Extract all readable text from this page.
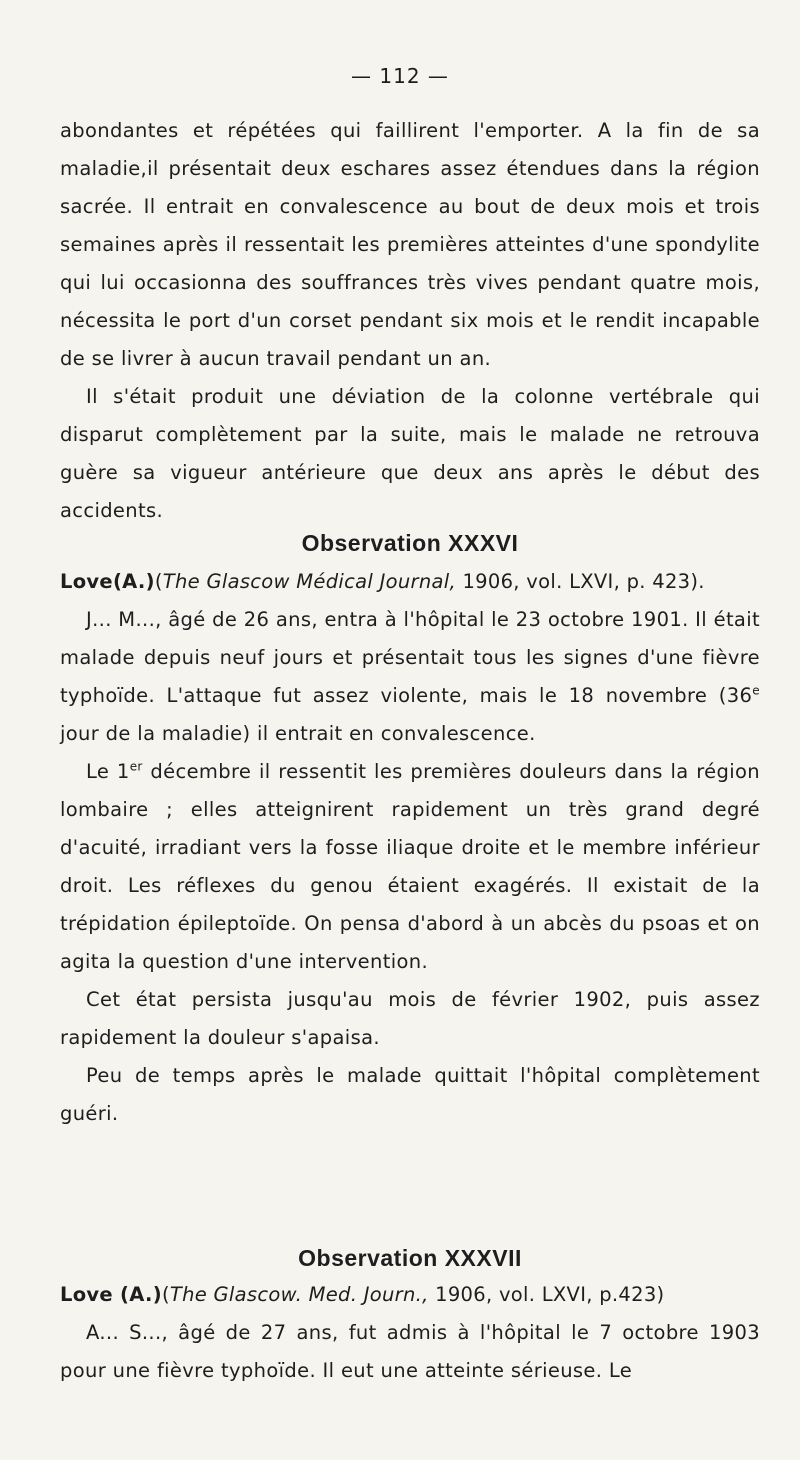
— 112 —

abondantes et répétées qui faillirent l'emporter. A la fin de sa maladie,il présentait deux eschares assez étendues dans la région sacrée. Il entrait en convalescence au bout de deux mois et trois semaines après il ressentait les premières atteintes d'une spondylite qui lui occasionna des souffrances très vives pendant quatre mois, nécessita le port d'un corset pendant six mois et le rendit incapable de se livrer à aucun travail pendant un an.

Il s'était produit une déviation de la colonne vertébrale qui disparut complètement par la suite, mais le malade ne retrouva guère sa vigueur antérieure que deux ans après le début des accidents.

Observation XXXVI
Love(A.)(The Glascow Médical Journal, 1906, vol. LXVI, p. 423).

J... M..., âgé de 26 ans, entra à l'hôpital le 23 octobre 1901. Il était malade depuis neuf jours et présentait tous les signes d'une fièvre typhoïde. L'attaque fut assez violente, mais le 18 novembre (36e jour de la maladie) il entrait en convalescence.

Le 1er décembre il ressentit les premières douleurs dans la région lombaire ; elles atteignirent rapidement un très grand degré d'acuité, irradiant vers la fosse iliaque droite et le membre inférieur droit. Les réflexes du genou étaient exagérés. Il existait de la trépidation épileptoïde. On pensa d'abord à un abcès du psoas et on agita la question d'une intervention.

Cet état persista jusqu'au mois de février 1902, puis assez rapidement la douleur s'apaisa.

Peu de temps après le malade quittait l'hôpital complètement guéri.

Observation XXXVII
Love (A.)(The Glascow. Med. Journ., 1906, vol. LXVI, p.423)

A... S..., âgé de 27 ans, fut admis à l'hôpital le 7 octobre 1903 pour une fièvre typhoïde. Il eut une atteinte sérieuse. Le
